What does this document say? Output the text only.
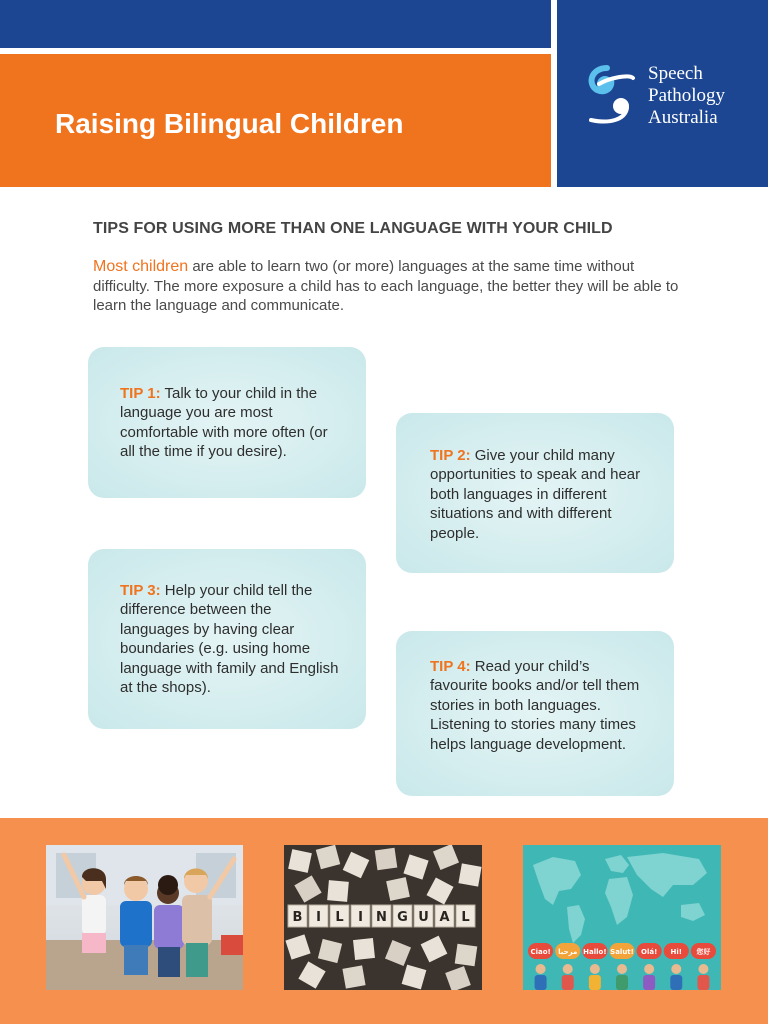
Raising Bilingual Children
Speech
Pathology
Australia
TIPS FOR USING MORE THAN ONE LANGUAGE WITH YOUR CHILD

Most children are able to learn two (or more) languages at the same time without difficulty. The more exposure a child has to each language, the better they will be able to learn the language and communicate.

TIP 1: Talk to your child in the language you are most comfortable with more often (or all the time if you desire).	TIP 2: Give your child many opportunities to speak and hear both languages in different situations and with different people.
TIP 3: Help your child tell the difference between the languages by having clear boundaries (e.g. using home language with family and English at the shops).
TIP 4: Read your child’s favourite books and/or tell them stories in both languages. Listening to stories many times helps language development.
B I L I N G U A L
Ciao! مرحبا Hallo! Salut! Olá! Hi! 您好
